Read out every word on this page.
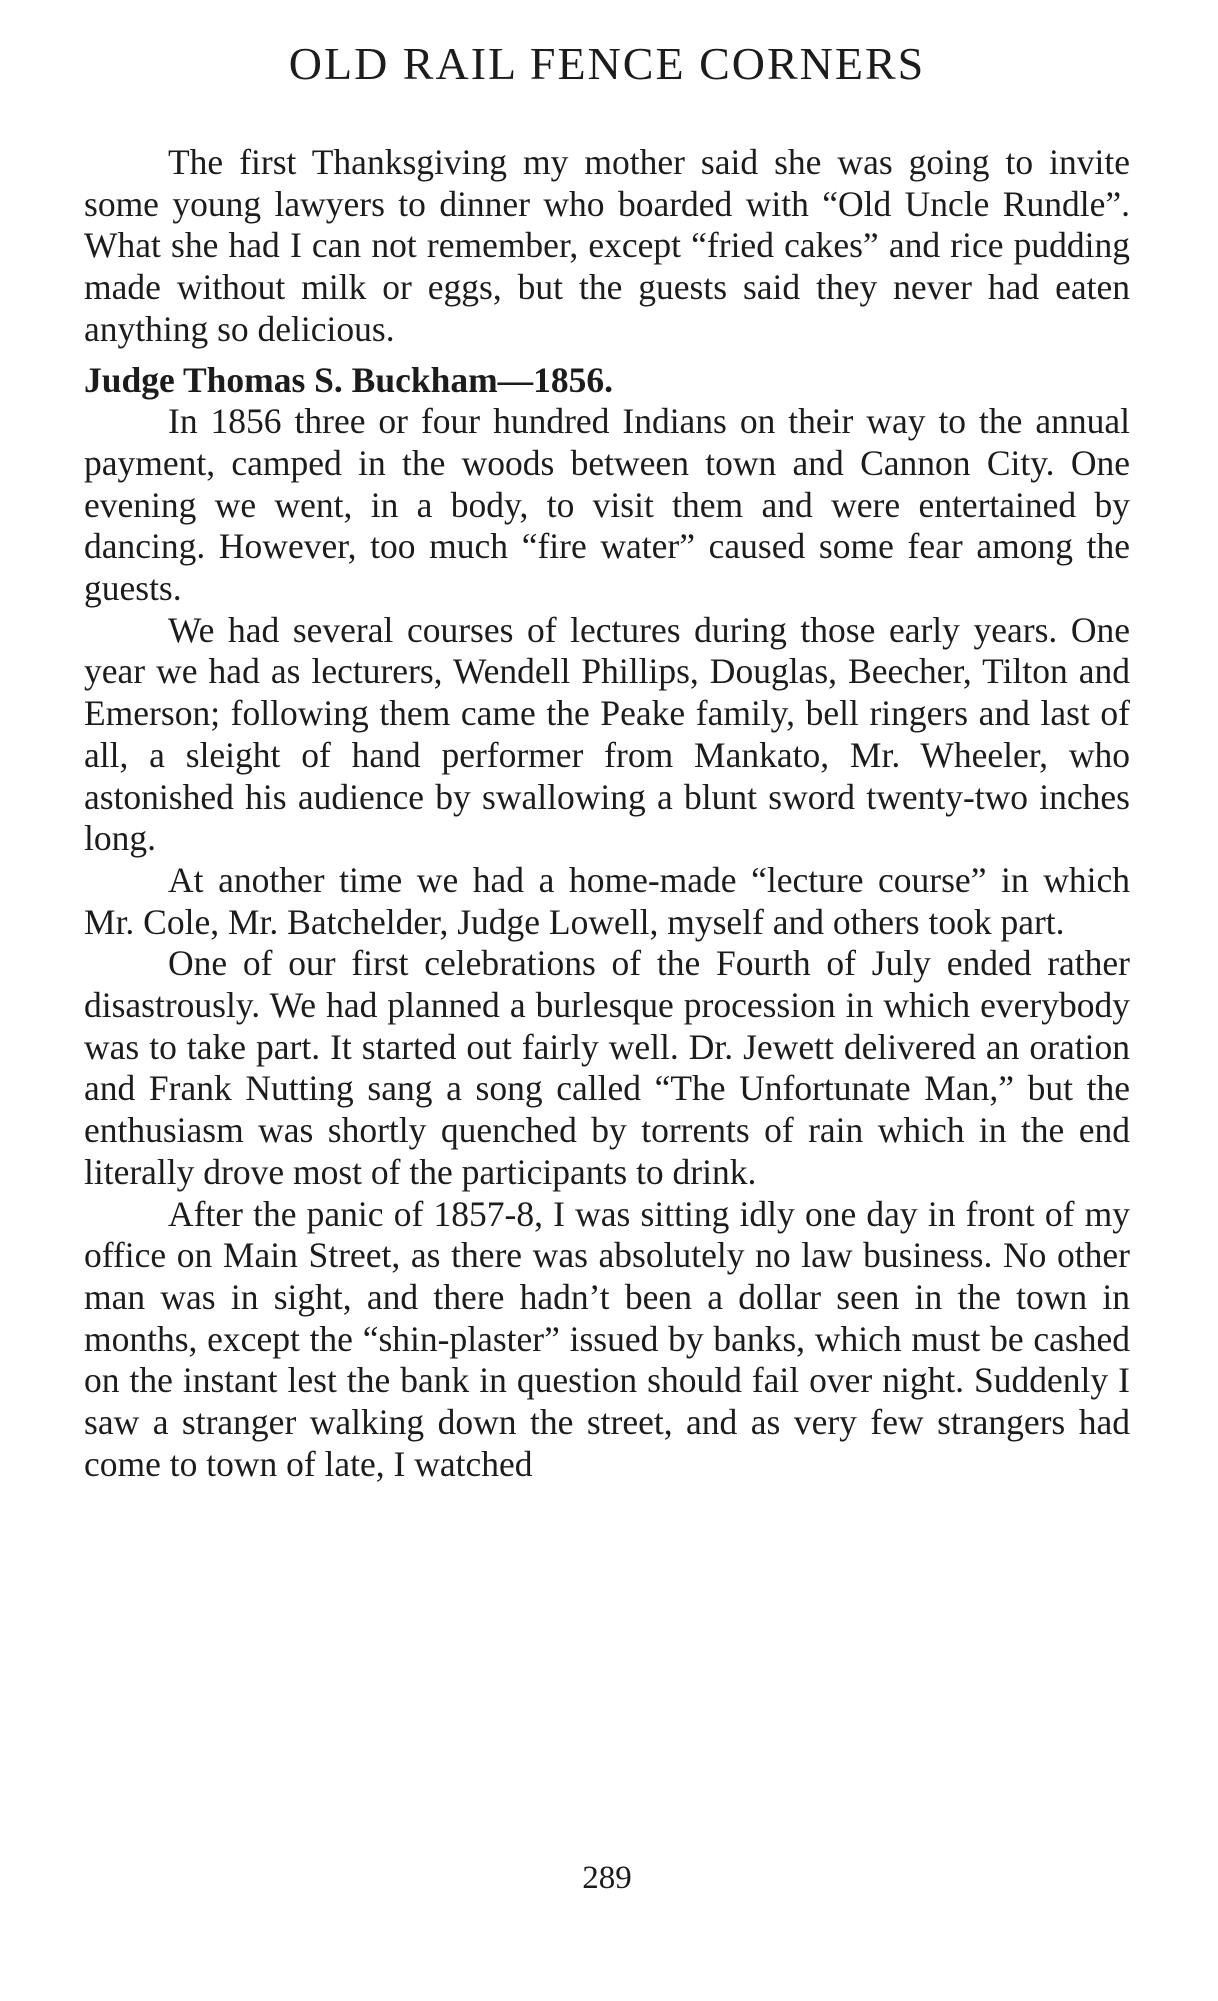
OLD RAIL FENCE CORNERS

The first Thanksgiving my mother said she was going to invite some young lawyers to dinner who boarded with “Old Uncle Rundle”. What she had I can not remember, except “fried cakes” and rice pudding made without milk or eggs, but the guests said they never had eaten anything so delicious.

Judge Thomas S. Buckham—1856.

In 1856 three or four hundred Indians on their way to the annual payment, camped in the woods between town and Cannon City. One evening we went, in a body, to visit them and were entertained by dancing. However, too much “fire water” caused some fear among the guests.

We had several courses of lectures during those early years. One year we had as lecturers, Wendell Phillips, Douglas, Beecher, Tilton and Emerson; following them came the Peake family, bell ringers and last of all, a sleight of hand performer from Mankato, Mr. Wheeler, who astonished his audience by swallowing a blunt sword twenty-two inches long.

At another time we had a home-made “lecture course” in which Mr. Cole, Mr. Batchelder, Judge Lowell, myself and others took part.

One of our first celebrations of the Fourth of July ended rather disastrously. We had planned a burlesque procession in which everybody was to take part. It started out fairly well. Dr. Jewett delivered an oration and Frank Nutting sang a song called “The Unfortunate Man,” but the enthusiasm was shortly quenched by torrents of rain which in the end literally drove most of the participants to drink.

After the panic of 1857-8, I was sitting idly one day in front of my office on Main Street, as there was absolutely no law business. No other man was in sight, and there hadn’t been a dollar seen in the town in months, except the “shin-plaster” issued by banks, which must be cashed on the instant lest the bank in question should fail over night. Suddenly I saw a stranger walking down the street, and as very few strangers had come to town of late, I watched

289
